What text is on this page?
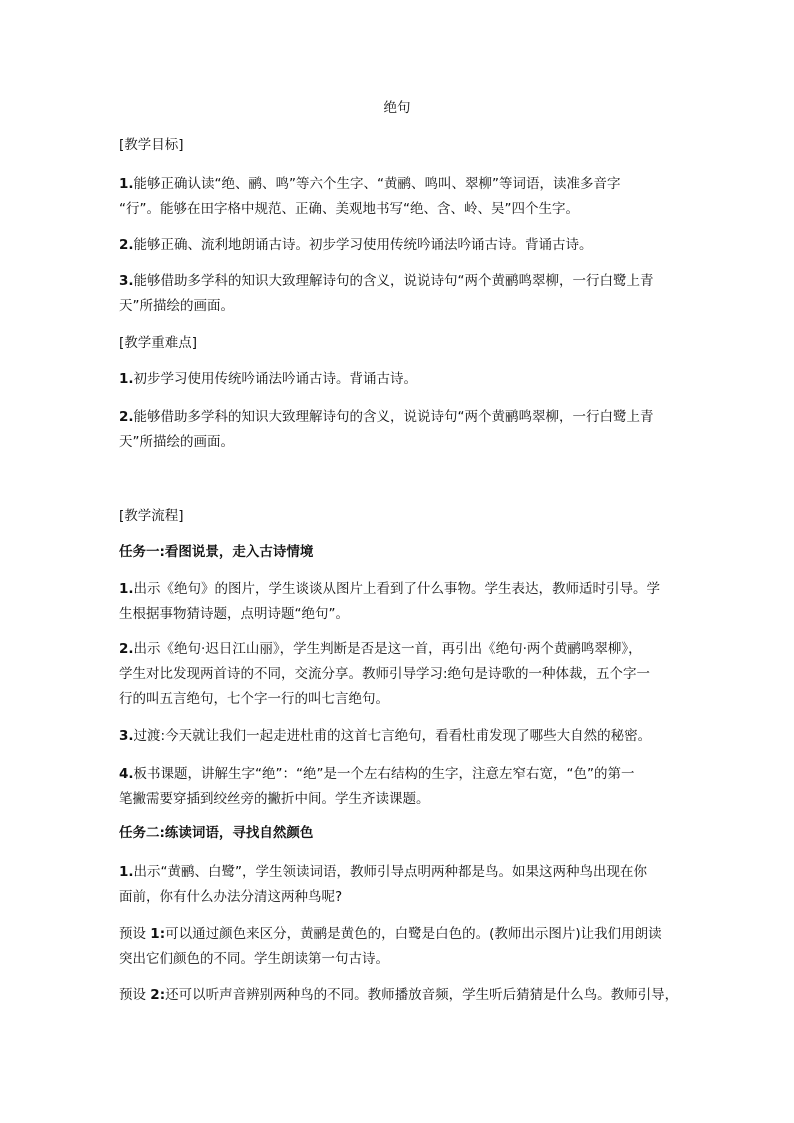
绝句
[教学目标]
1.能够正确认读“绝、鹂、鸣”等六个生字、“黄鹂、鸣叫、翠柳”等词语，读准多音字
“行”。能够在田字格中规范、正确、美观地书写“绝、含、岭、吴”四个生字。
2.能够正确、流利地朗诵古诗。初步学习使用传统吟诵法吟诵古诗。背诵古诗。
3.能够借助多学科的知识大致理解诗句的含义，说说诗句“两个黄鹂鸣翠柳，一行白鹭上青
天”所描绘的画面。
[教学重难点]
1.初步学习使用传统吟诵法吟诵古诗。背诵古诗。
2.能够借助多学科的知识大致理解诗句的含义，说说诗句“两个黄鹂鸣翠柳，一行白鹭上青
天”所描绘的画面。
[教学流程]
任务一:看图说景，走入古诗情境
1.出示《绝句》的图片，学生谈谈从图片上看到了什么事物。学生表达，教师适时引导。学
生根据事物猜诗题，点明诗题“绝句”。
2.出示《绝句·迟日江山丽》，学生判断是否是这一首，再引出《绝句·两个黄鹂鸣翠柳》，
学生对比发现两首诗的不同，交流分享。教师引导学习:绝句是诗歌的一种体裁，五个字一
行的叫五言绝句，七个字一行的叫七言绝句。
3.过渡:今天就让我们一起走进杜甫的这首七言绝句，看看杜甫发现了哪些大自然的秘密。
4.板书课题，讲解生字“绝”：“绝”是一个左右结构的生字，注意左窄右宽，“色”的第一
笔撇需要穿插到绞丝旁的撇折中间。学生齐读课题。
任务二:练读词语，寻找自然颜色
1.出示“黄鹂、白鹭”，学生领读词语，教师引导点明两种都是鸟。如果这两种鸟出现在你
面前，你有什么办法分清这两种鸟呢?
预设 1:可以通过颜色来区分，黄鹂是黄色的，白鹭是白色的。(教师出示图片)让我们用朗读
突出它们颜色的不同。学生朗读第一句古诗。
预设 2:还可以听声音辨别两种鸟的不同。教师播放音频，学生听后猜猜是什么鸟。教师引导，
